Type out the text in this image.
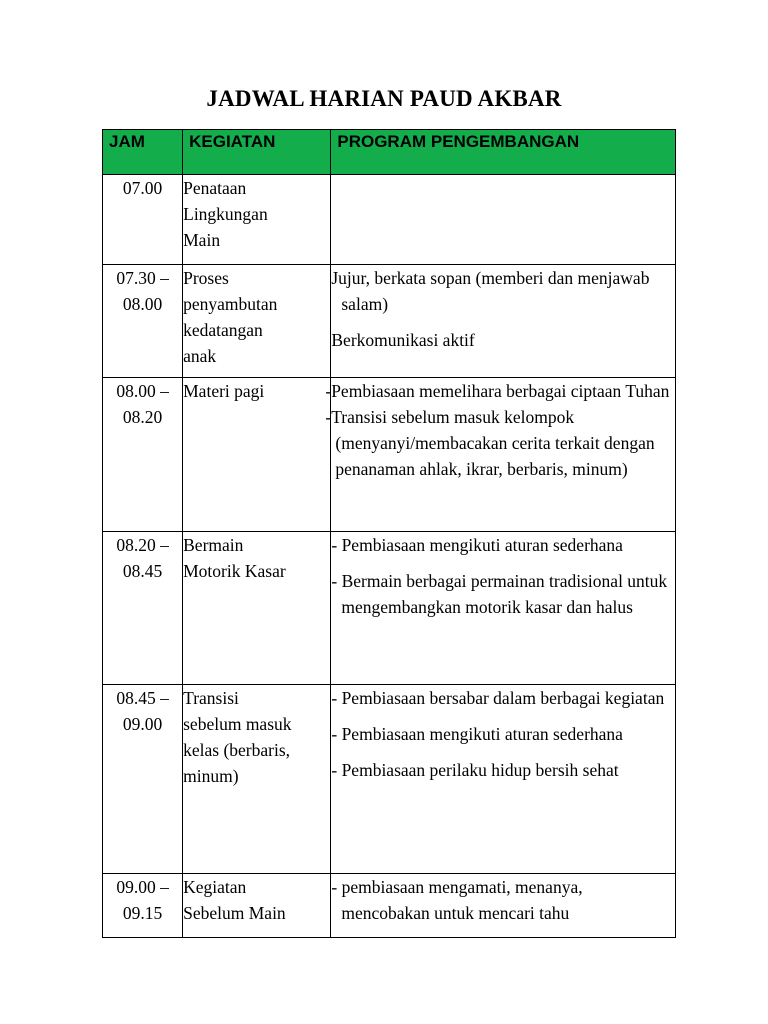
JADWAL HARIAN PAUD AKBAR
JAM	KEGIATAN	PROGRAM PENGEMBANGAN

07.00	Penataan
Lingkungan
Main	

07.30 –
08.00	Proses
penyambutan
kedatangan
anak	Jujur, berkata sopan (memberi dan menjawab salam)
Berkomunikasi aktif

08.00 –
08.20	Materi pagi	-Pembiasaan memelihara berbagai ciptaan Tuhan
-Transisi sebelum masuk kelompok (menyanyi/membacakan cerita terkait dengan penanaman ahlak, ikrar, berbaris, minum)

08.20 –
08.45	Bermain
Motorik Kasar	- Pembiasaan mengikuti aturan sederhana
- Bermain berbagai permainan tradisional untuk mengembangkan motorik kasar dan halus

08.45 –
09.00	Transisi
sebelum masuk
kelas (berbaris,
minum)	- Pembiasaan bersabar dalam berbagai kegiatan
- Pembiasaan mengikuti aturan sederhana
- Pembiasaan perilaku hidup bersih sehat

09.00 –
09.15	Kegiatan
Sebelum Main	- pembiasaan mengamati, menanya, mencobakan untuk mencari tahu
